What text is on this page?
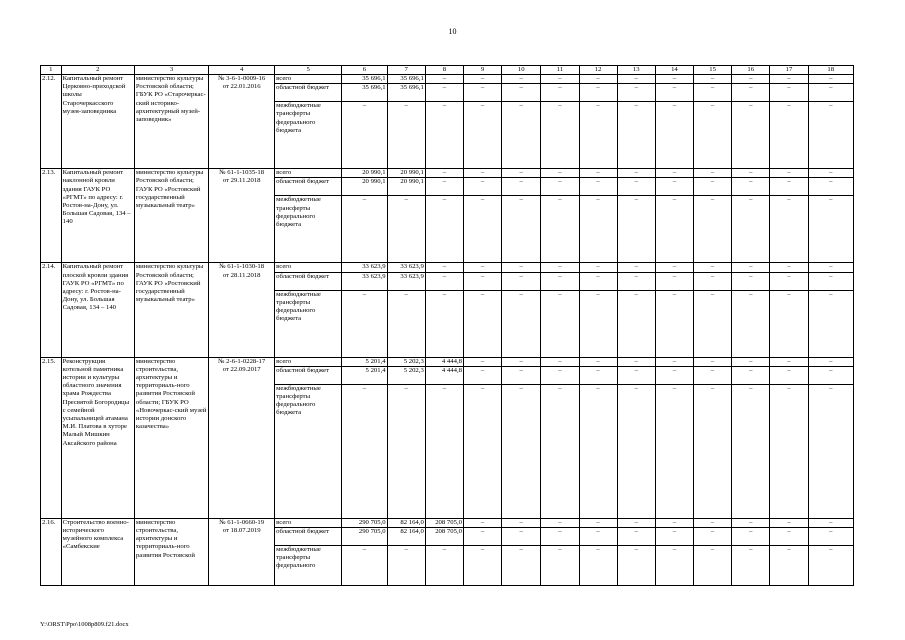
10
1	2	3	4	5	6	7	8	9	10	11	12	13	14	15	16	17	18
2.12.	Капитальный ремонт Церковно-приходской школы Старочеркасского музея-заповедника	министерство культуры Ростовской области; ГБУК РО «Старочеркас-ский историко-архитектурный музей-заповедник»	№ 3-6-1-0009-16
от 22.01.2016	всего	35 696,1	35 696,1	–	–	–	–	–	–	–	–	–	–	–
				областной бюджет	35 696,1	35 696,1	–	–	–	–	–	–	–	–	–	–	–
				межбюджетные трансферты федерального бюджета	–	–	–	–	–	–	–	–	–	–	–	–	–
2.13.	Капитальный ремонт наклонной кровли здания ГАУК РО «РГМТ» по адресу: г. Ростов-на-Дону, ул. Большая Садовая, 134 – 140	министерство культуры Ростовской области; ГАУК РО «Ростовский государственный музыкальный театр»	№ 61-1-1035-18
от 29.11.2018	всего	20 990,1	20 990,1	–	–	–	–	–	–	–	–	–	–	–
				областной бюджет	20 990,1	20 990,1	–	–	–	–	–	–	–	–	–	–	–
				межбюджетные трансферты федерального бюджета	–	–	–	–	–	–	–	–	–	–	–	–	–
2.14.	Капитальный ремонт плоской кровли здания ГАУК РО «РГМТ» по адресу: г. Ростов-на-Дону, ул. Большая Садовая, 134 – 140	министерство культуры Ростовской области; ГАУК РО «Ростовский государственный музыкальный театр»	№ 61-1-1030-18
от 28.11.2018	всего	33 623,9	33 623,9	–	–	–	–	–	–	–	–	–	–	–
				областной бюджет	33 623,9	33 623,9	–	–	–	–	–	–	–	–	–	–	–
				межбюджетные трансферты федерального бюджета	–	–	–	–	–	–	–	–	–	–	–	–	–
2.15.	Реконструкция котельной памятника истории и культуры областного значения храма Рождества Пресвятой Богородицы с семейной усыпальницей атамана М.И. Платова в хуторе Малый Мишкин Аксайского района	министерство строительства, архитектуры и территориаль-ного развития Ростовской области; ГБУК РО «Новочеркас-ский музей истории донского казачества»	№ 2-6-1-0228-17
от 22.09.2017	всего	5 201,4	5 202,3	4 444,8	–	–	–	–	–	–	–	–	–	–
				областной бюджет	5 201,4	5 202,3	4 444,8	–	–	–	–	–	–	–	–	–	–
				межбюджетные трансферты федерального бюджета	–	–	–	–	–	–	–	–	–	–	–	–	–
2.16.	Строительство военно-исторического музейного комплекса «Самбекские	министерство строительства, архитектуры и территориаль-ного развития Ростовской	№ 61-1-0660-19
от 18.07.2019	всего	290 705,0	82 164,0	208 705,0	–	–	–	–	–	–	–	–	–	–
				областной бюджет	290 705,0	82 164,0	208 705,0	–	–	–	–	–	–	–	–	–	–
				межбюджетные трансферты федерального	–	–	–	–	–	–	–	–	–	–	–	–	–
Y:\ORST\Ppo\1008p809.f21.docx
